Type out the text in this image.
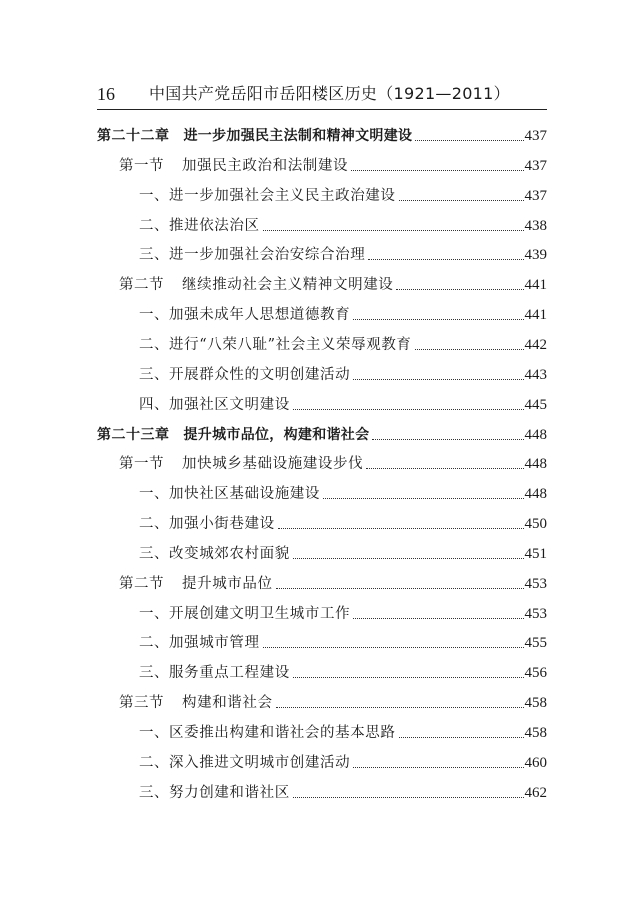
16 中国共产党岳阳市岳阳楼区历史（1921—2011）
第二十二章 进一步加强民主法制和精神文明建设	437
第一节 加强民主政治和法制建设	437
一、 进一步加强社会主义民主政治建设	437
二、 推进依法治区	438
三、 进一步加强社会治安综合治理	439
第二节 继续推动社会主义精神文明建设	441
一、 加强未成年人思想道德教育	441
二、 进行“八荣八耻”社会主义荣辱观教育	442
三、 开展群众性的文明创建活动	443
四、 加强社区文明建设	445
第二十三章 提升城市品位，构建和谐社会	448
第一节 加快城乡基础设施建设步伐	448
一、 加快社区基础设施建设	448
二、 加强小街巷建设	450
三、 改变城郊农村面貌	451
第二节 提升城市品位	453
一、 开展创建文明卫生城市工作	453
二、 加强城市管理	455
三、 服务重点工程建设	456
第三节 构建和谐社会	458
一、 区委推出构建和谐社会的基本思路	458
二、 深入推进文明城市创建活动	460
三、 努力创建和谐社区	462
